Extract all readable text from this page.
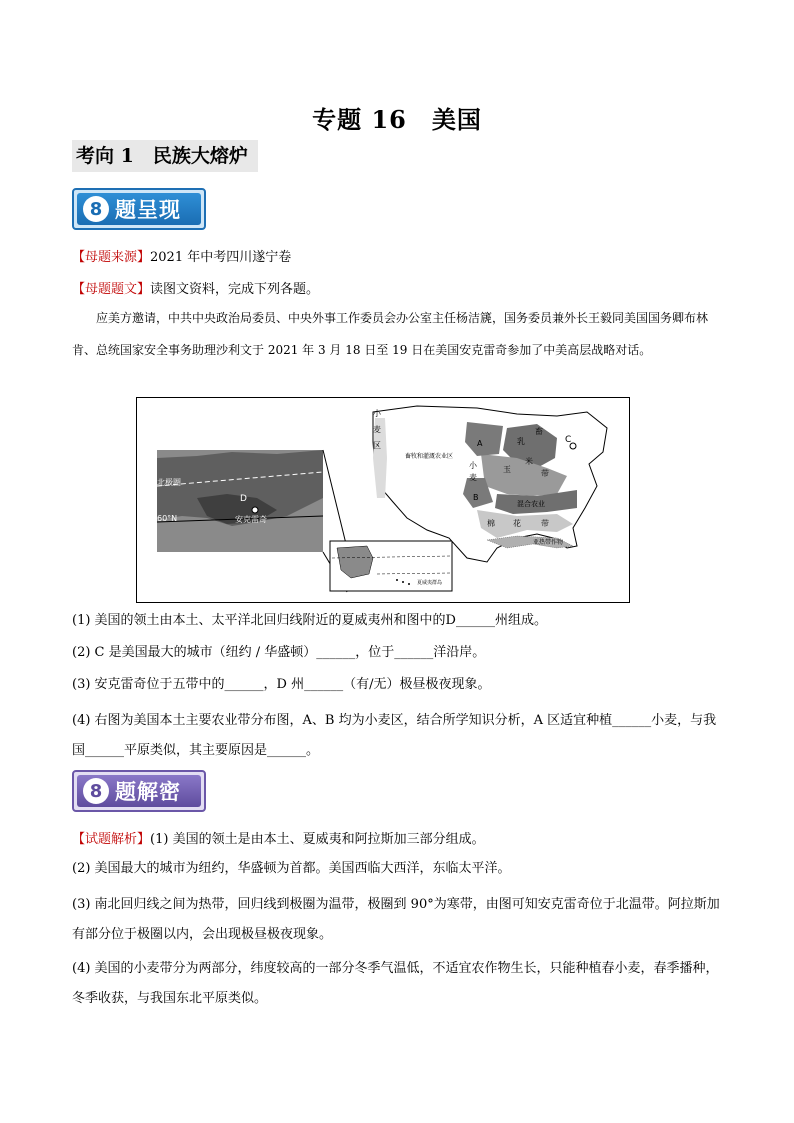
专题 16　美国
考向 1　民族大熔炉
8 题呈现
【母题来源】2021 年中考四川遂宁卷
【母题题文】读图文资料，完成下列各题。

应美方邀请，中共中央政治局委员、中央外事工作委员会办公室主任杨洁篪，国务委员兼外长王毅同美国国务卿布林肯、总统国家安全事务助理沙利文于 2021 年 3 月 18 日至 19 日在美国安克雷奇参加了中美高层战略对话。

北极圈
60°N
D
安克雷奇
夏威夷群岛
C
A
B
小
麦
区
畜牧和灌溉农业区
乳
畜
玉
米
带
小
麦
混合农业
棉 花	带
亚热带作物
(1) 美国的领土由本土、太平洋北回归线附近的夏威夷州和图中的D______州组成。
(2) C 是美国最大的城市（纽约 / 华盛顿）______，位于______洋沿岸。
(3) 安克雷奇位于五带中的______，D 州______（有/无）极昼极夜现象。
(4) 右图为美国本土主要农业带分布图，A、B 均为小麦区，结合所学知识分析，A 区适宜种植______小麦，与我国______平原类似，其主要原因是______。
8 题解密
【试题解析】(1) 美国的领土是由本土、夏威夷和阿拉斯加三部分组成。
(2) 美国最大的城市为纽约，华盛顿为首都。美国西临大西洋，东临太平洋。
(3) 南北回归线之间为热带，回归线到极圈为温带，极圈到 90°为寒带，由图可知安克雷奇位于北温带。阿拉斯加有部分位于极圈以内，会出现极昼极夜现象。
(4) 美国的小麦带分为两部分，纬度较高的一部分冬季气温低，不适宜农作物生长，只能种植春小麦，春季播种，冬季收获，与我国东北平原类似。
